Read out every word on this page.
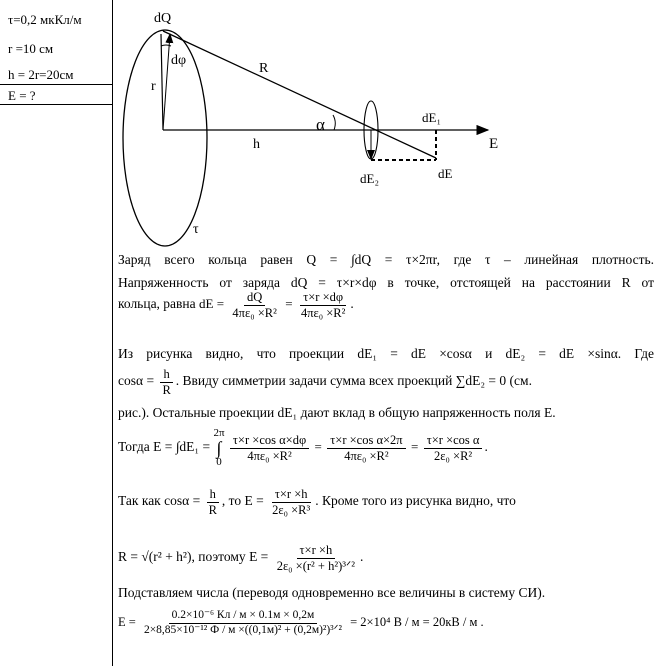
τ=0,2 мкКл/м
r =10 см
h = 2r=20см
E = ?
dQ
dφ
r
R
α
h
dE₁
E
dE₂	dE
τ
Заряд всего кольца равен Q = ∫dQ = τ×2πr, где τ – линейная плотность.
Напряженность от заряда dQ = τ×r×dφ в точке, отстоящей на расстоянии R от
кольца, равна dE = $\frac{dQ}{\text{4πε₀ ×R²}} = \frac{\tau\times r \times d\varphi}{\text{4πε₀ ×R²}}$ .
Из рисунка видно, что проекции dE₁ = dE ×cosα и dE₂ = dE ×sinα. Где
$\cos\alpha = \frac{h}{R}$ . Ввиду симметрии задачи сумма всех проекций ∑dE₂ = 0 (см.
рис.). Остальные проекции dE₁ дают вклад в общую напряженность поля E.
Тогда E = ∫dE₁ =
2π
∫
0
$\frac{\text{τ×r ×cos α×dφ}}{\text{4πε₀ ×R²}} = \frac{\text{τ×r ×cos α×2π}}{\text{4πε₀ ×R²}} = \frac{\text{τ×r ×cos α}}{\text{2ε₀ ×R²}}$ .
Так как $\cos\alpha = \frac{h}{R}$ , то $E = \frac{\tau\times r \times h}{\text{2ε₀ ×R³}}$ . Кроме того из рисунка видно, что
R = √(r² + h²), поэтому $E = \frac{\tau\times r \times h}{\text{2ε₀ ×(r² + h²)³ᐟ²}}$ .
Подставляем числа (переводя одновременно все величины в систему СИ).
$E = \frac{\text{0.2×10⁻⁶ Кл / м × 0.1м × 0,2м}}{\text{2×8,85×10⁻¹² Ф / м ×((0,1м)² + (0,2м)²)³ᐟ²}} = 2\times 10^4$ В / м = 20кВ / м .
